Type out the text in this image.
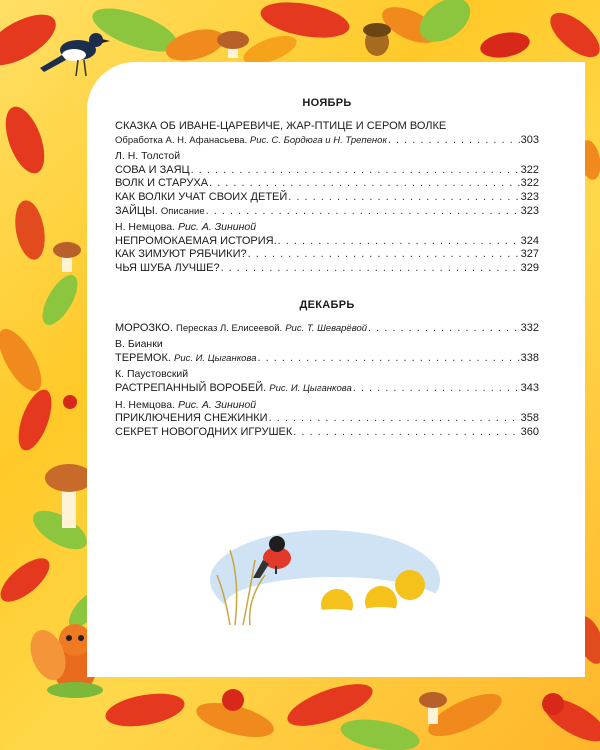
НОЯБРЬ
СКАЗКА ОБ ИВАНЕ-ЦАРЕВИЧЕ, ЖАР-ПТИЦЕ И СЕРОМ ВОЛКЕ
Обработка А. Н. Афанасьева. Рис. С. Бордюга и Н. Трепенок . . .	303
Л. Н. Толстой
СОВА И ЗАЯЦ . . .	322
ВОЛК И СТАРУХА . . .	322
КАК ВОЛКИ УЧАТ СВОИХ ДЕТЕЙ . . .	323
ЗАЙЦЫ. Описание . . .	323
Н. Немцова. Рис. А. Зининой
НЕПРОМОКАЕМАЯ ИСТОРИЯ. . . .	324
КАК ЗИМУЮТ РЯБЧИКИ? . . .	327
ЧЬЯ ШУБА ЛУЧШЕ? . . .	329
ДЕКАБРЬ
МОРОЗКО. Пересказ Л. Елисеевой. Рис. Т. Шеварёвой . . .	332
В. Бианки
ТЕРЕМОК. Рис. И. Цыганкова . . .	338
К. Паустовский
РАСТРЕПАННЫЙ ВОРОБЕЙ. Рис. И. Цыганкова . . .	343
Н. Немцова. Рис. А. Зининой
ПРИКЛЮЧЕНИЯ СНЕЖИНКИ . . .	358
СЕКРЕТ НОВОГОДНИХ ИГРУШЕК . . .	360
